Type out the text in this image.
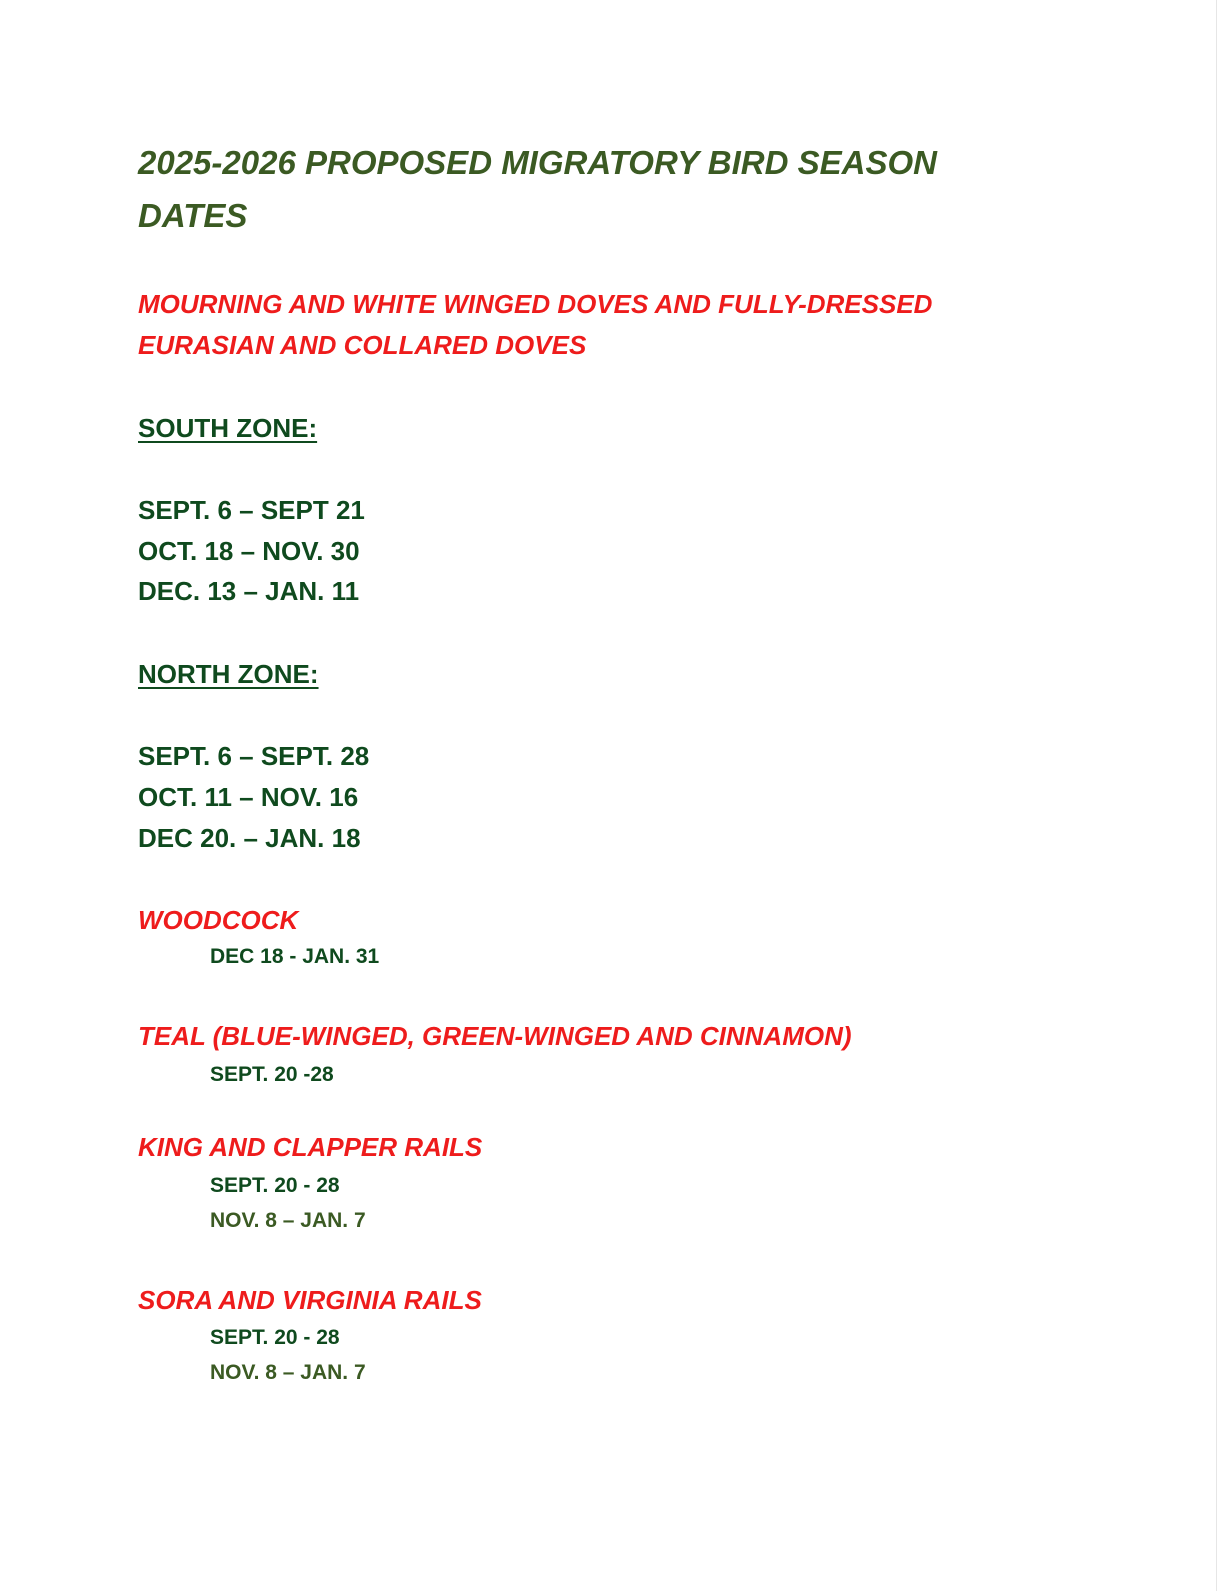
2025-2026 PROPOSED MIGRATORY BIRD SEASON
DATES
MOURNING AND WHITE WINGED DOVES AND FULLY-DRESSED
EURASIAN AND COLLARED DOVES
SOUTH ZONE:
SEPT. 6 – SEPT 21
OCT. 18 – NOV. 30
DEC. 13 – JAN. 11
NORTH ZONE:
SEPT. 6 – SEPT. 28
OCT. 11 – NOV. 16
DEC 20. – JAN. 18
WOODCOCK
DEC 18 - JAN. 31
TEAL (BLUE-WINGED, GREEN-WINGED AND CINNAMON)
SEPT. 20 -28
KING AND CLAPPER RAILS
SEPT. 20 - 28
NOV. 8 – JAN. 7
SORA AND VIRGINIA RAILS
SEPT. 20 - 28
NOV. 8 – JAN. 7
